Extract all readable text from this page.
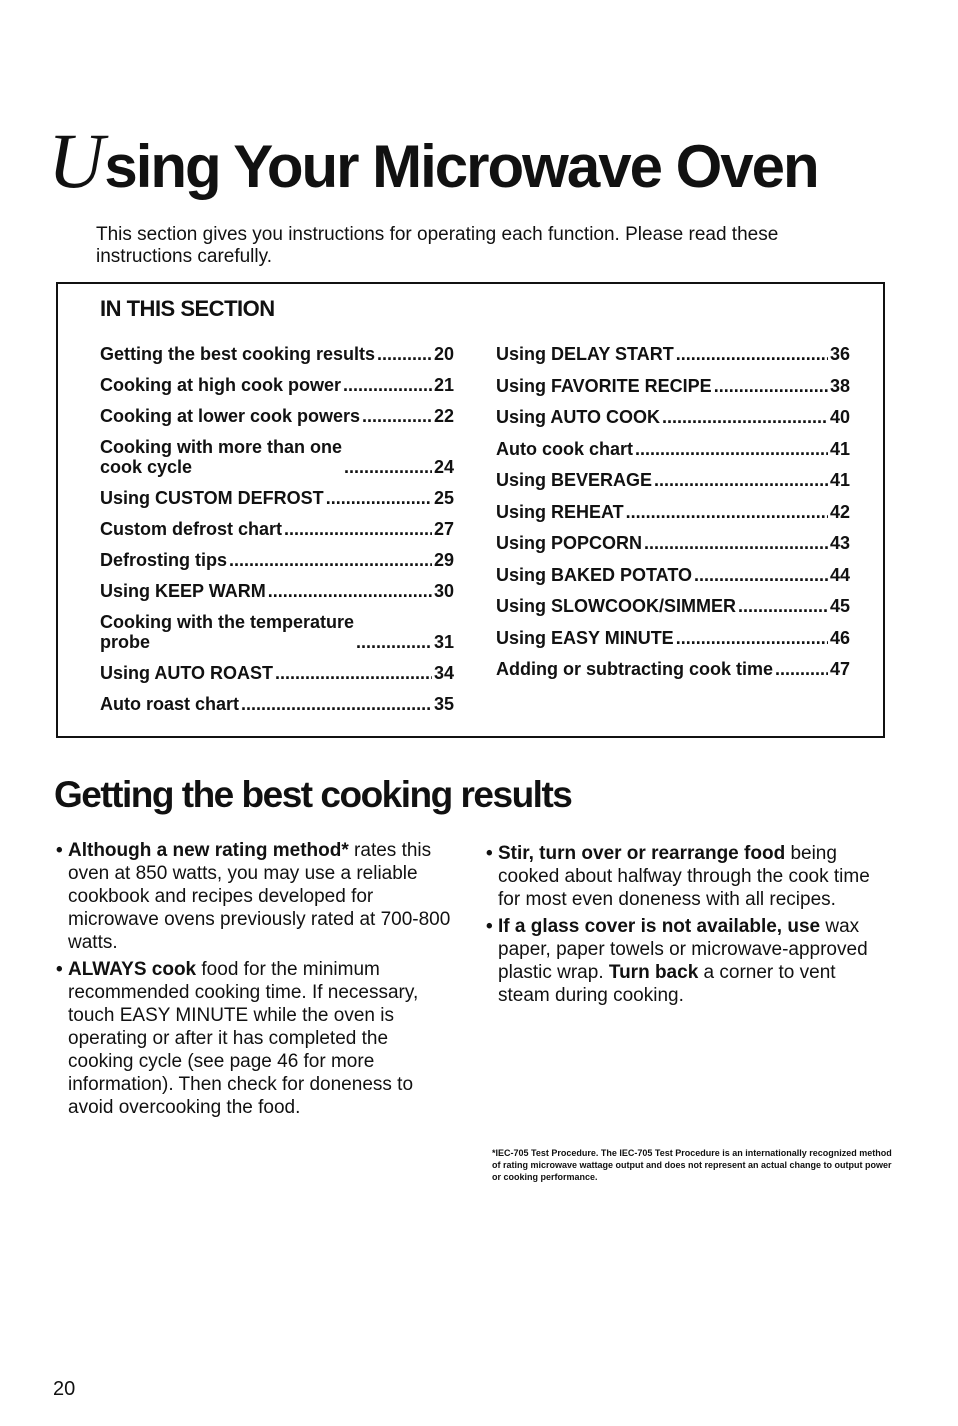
Using Your Microwave Oven
This section gives you instructions for operating each function. Please read these instructions carefully.
IN THIS SECTION
Getting the best cooking results .....	20
Cooking at high cook power .....	21
Cooking at lower cook powers .....	22
Cooking with more than one
cook cycle .....	24
Using CUSTOM DEFROST .....	25
Custom defrost chart .....	27
Defrosting tips .....	29
Using KEEP WARM .....	30
Cooking with the temperature
probe .....	31
Using AUTO ROAST .....	34
Auto roast chart .....	35
Using DELAY START .....	36
Using FAVORITE RECIPE .....	38
Using AUTO COOK .....	40
Auto cook chart .....	41
Using BEVERAGE .....	41
Using REHEAT .....	42
Using POPCORN .....	43
Using BAKED POTATO .....	44
Using SLOWCOOK/SIMMER .....	45
Using EASY MINUTE .....	46
Adding or subtracting cook time .....	47
Getting the best cooking results
• Although a new rating method* rates this oven at 850 watts, you may use a reliable cookbook and recipes developed for microwave ovens previously rated at 700-800 watts.
• ALWAYS cook food for the minimum recommended cooking time. If necessary, touch EASY MINUTE while the oven is operating or after it has completed the cooking cycle (see page 46 for more information). Then check for doneness to avoid overcooking the food.
• Stir, turn over or rearrange food being cooked about halfway through the cook time for most even doneness with all recipes.
• If a glass cover is not available, use wax paper, paper towels or microwave-approved plastic wrap. Turn back a corner to vent steam during cooking.
*IEC-705 Test Procedure. The IEC-705 Test Procedure is an internationally recognized method of rating microwave wattage output and does not represent an actual change to output power or cooking performance.
20
